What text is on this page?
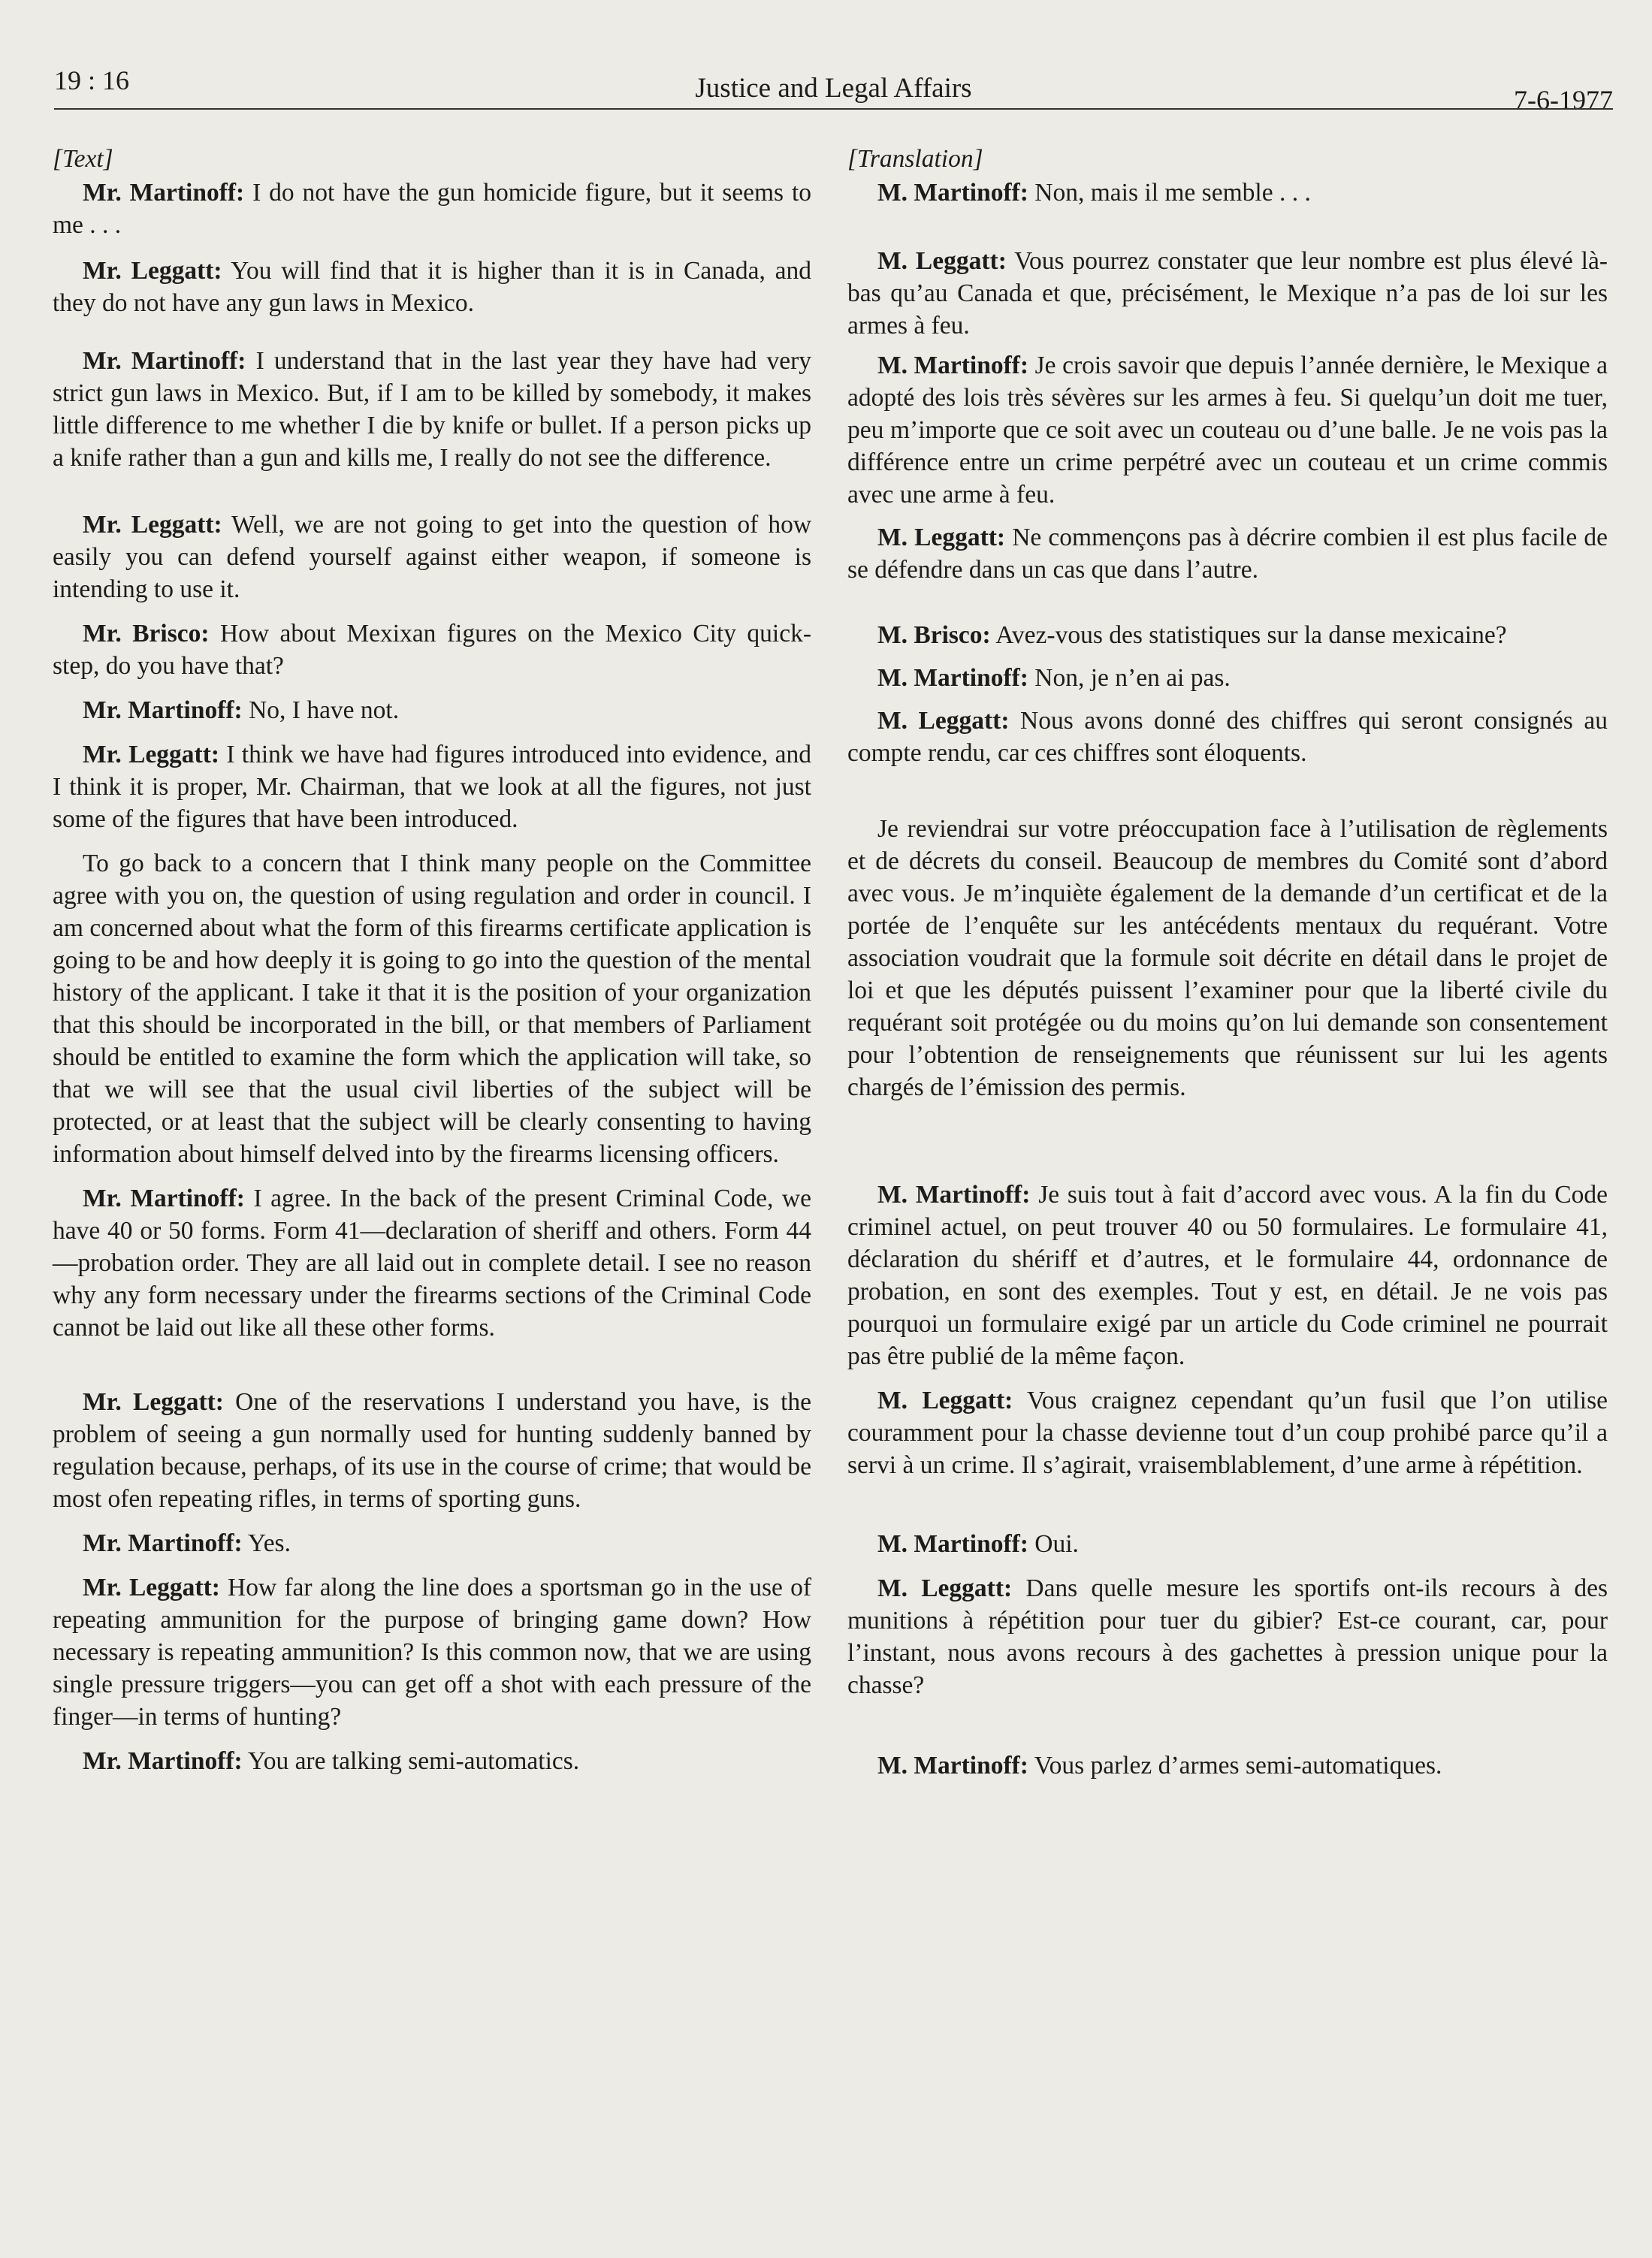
19 : 16	Justice and Legal Affairs	7-6-1977
[Text]

Mr. Martinoff: I do not have the gun homicide figure, but it seems to me . . .

Mr. Leggatt: You will find that it is higher than it is in Canada, and they do not have any gun laws in Mexico.

Mr. Martinoff: I understand that in the last year they have had very strict gun laws in Mexico. But, if I am to be killed by somebody, it makes little difference to me whether I die by knife or bullet. If a person picks up a knife rather than a gun and kills me, I really do not see the difference.

Mr. Leggatt: Well, we are not going to get into the question of how easily you can defend yourself against either weapon, if someone is intending to use it.

Mr. Brisco: How about Mexixan figures on the Mexico City quick-step, do you have that?

Mr. Martinoff: No, I have not.

Mr. Leggatt: I think we have had figures introduced into evidence, and I think it is proper, Mr. Chairman, that we look at all the figures, not just some of the figures that have been introduced.

To go back to a concern that I think many people on the Committee agree with you on, the question of using regulation and order in council. I am concerned about what the form of this firearms certificate application is going to be and how deeply it is going to go into the question of the mental history of the applicant. I take it that it is the position of your organization that this should be incorporated in the bill, or that members of Parliament should be entitled to examine the form which the application will take, so that we will see that the usual civil liberties of the subject will be protected, or at least that the subject will be clearly consenting to having information about himself delved into by the firearms licensing officers.

Mr. Martinoff: I agree. In the back of the present Criminal Code, we have 40 or 50 forms. Form 41—declaration of sheriff and others. Form 44—probation order. They are all laid out in complete detail. I see no reason why any form necessary under the firearms sections of the Criminal Code cannot be laid out like all these other forms.

Mr. Leggatt: One of the reservations I understand you have, is the problem of seeing a gun normally used for hunting suddenly banned by regulation because, perhaps, of its use in the course of crime; that would be most ofen repeating rifles, in terms of sporting guns.

Mr. Martinoff: Yes.

Mr. Leggatt: How far along the line does a sportsman go in the use of repeating ammunition for the purpose of bringing game down? How necessary is repeating ammunition? Is this common now, that we are using single pressure triggers—you can get off a shot with each pressure of the finger—in terms of hunting?

Mr. Martinoff: You are talking semi-automatics.

[Translation]

M. Martinoff: Non, mais il me semble . . .

M. Leggatt: Vous pourrez constater que leur nombre est plus élevé là-bas qu’au Canada et que, précisément, le Mexique n’a pas de loi sur les armes à feu.

M. Martinoff: Je crois savoir que depuis l’année dernière, le Mexique a adopté des lois très sévères sur les armes à feu. Si quelqu’un doit me tuer, peu m’importe que ce soit avec un couteau ou d’une balle. Je ne vois pas la différence entre un crime perpétré avec un couteau et un crime commis avec une arme à feu.

M. Leggatt: Ne commençons pas à décrire combien il est plus facile de se défendre dans un cas que dans l’autre.

M. Brisco: Avez-vous des statistiques sur la danse mexicaine?

M. Martinoff: Non, je n’en ai pas.

M. Leggatt: Nous avons donné des chiffres qui seront consignés au compte rendu, car ces chiffres sont éloquents.

Je reviendrai sur votre préoccupation face à l’utilisation de règlements et de décrets du conseil. Beaucoup de membres du Comité sont d’abord avec vous. Je m’inquiète également de la demande d’un certificat et de la portée de l’enquête sur les antécédents mentaux du requérant. Votre association voudrait que la formule soit décrite en détail dans le projet de loi et que les députés puissent l’examiner pour que la liberté civile du requérant soit protégée ou du moins qu’on lui demande son consentement pour l’obtention de renseignements que réunissent sur lui les agents chargés de l’émission des permis.

M. Martinoff: Je suis tout à fait d’accord avec vous. A la fin du Code criminel actuel, on peut trouver 40 ou 50 formulaires. Le formulaire 41, déclaration du shériff et d’autres, et le formulaire 44, ordonnance de probation, en sont des exemples. Tout y est, en détail. Je ne vois pas pourquoi un formulaire exigé par un article du Code criminel ne pourrait pas être publié de la même façon.

M. Leggatt: Vous craignez cependant qu’un fusil que l’on utilise couramment pour la chasse devienne tout d’un coup prohibé parce qu’il a servi à un crime. Il s’agirait, vraisemblablement, d’une arme à répétition.

M. Martinoff: Oui.

M. Leggatt: Dans quelle mesure les sportifs ont-ils recours à des munitions à répétition pour tuer du gibier? Est-ce courant, car, pour l’instant, nous avons recours à des gachettes à pression unique pour la chasse?

M. Martinoff: Vous parlez d’armes semi-automatiques.
